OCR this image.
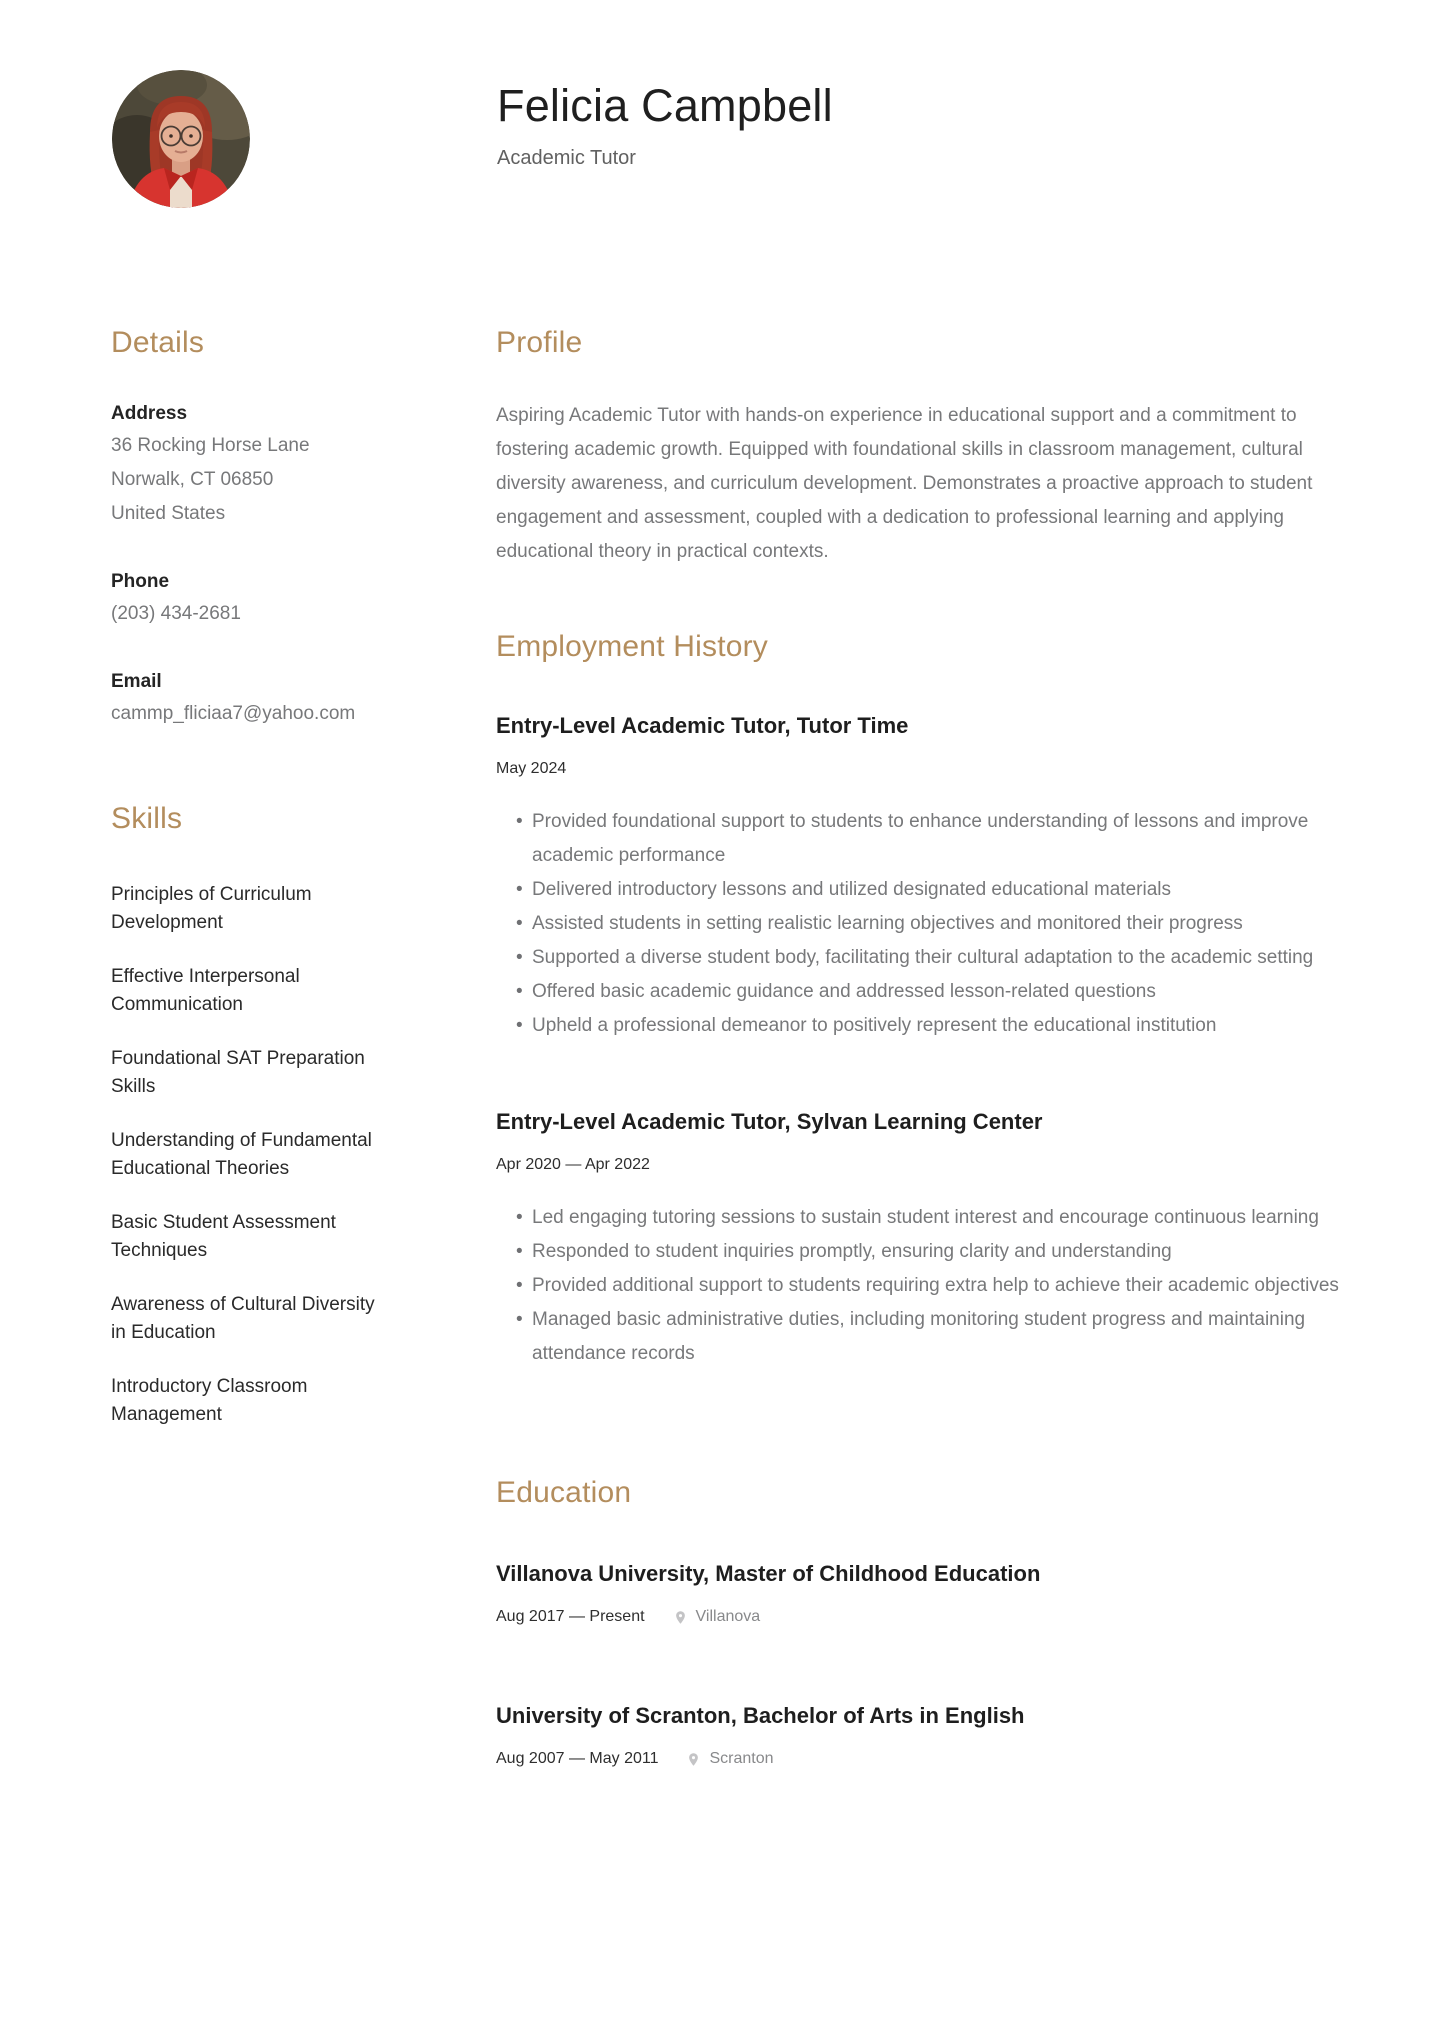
Felicia Campbell
Academic Tutor
Details
Address
36 Rocking Horse Lane
Norwalk, CT 06850
United States
Phone
(203) 434-2681
Email
cammp_fliciaa7@yahoo.com
Skills
Principles of Curriculum Development
Effective Interpersonal Communication
Foundational SAT Preparation Skills
Understanding of Fundamental Educational Theories
Basic Student Assessment Techniques
Awareness of Cultural Diversity in Education
Introductory Classroom Management
Profile

Aspiring Academic Tutor with hands-on experience in educational support and a commitment to fostering academic growth. Equipped with foundational skills in classroom management, cultural diversity awareness, and curriculum development. Demonstrates a proactive approach to student engagement and assessment, coupled with a dedication to professional learning and applying educational theory in practical contexts.

Employment History
Entry-Level Academic Tutor, Tutor Time
May 2024
• Provided foundational support to students to enhance understanding of lessons and improve academic performance
• Delivered introductory lessons and utilized designated educational materials
• Assisted students in setting realistic learning objectives and monitored their progress
• Supported a diverse student body, facilitating their cultural adaptation to the academic setting
• Offered basic academic guidance and addressed lesson-related questions
• Upheld a professional demeanor to positively represent the educational institution
Entry-Level Academic Tutor, Sylvan Learning Center
Apr 2020 — Apr 2022
• Led engaging tutoring sessions to sustain student interest and encourage continuous learning
• Responded to student inquiries promptly, ensuring clarity and understanding
• Provided additional support to students requiring extra help to achieve their academic objectives
• Managed basic administrative duties, including monitoring student progress and maintaining attendance records
Education
Villanova University, Master of Childhood Education
Aug 2017 — Present	Villanova
University of Scranton, Bachelor of Arts in English
Aug 2007 — May 2011	Scranton
